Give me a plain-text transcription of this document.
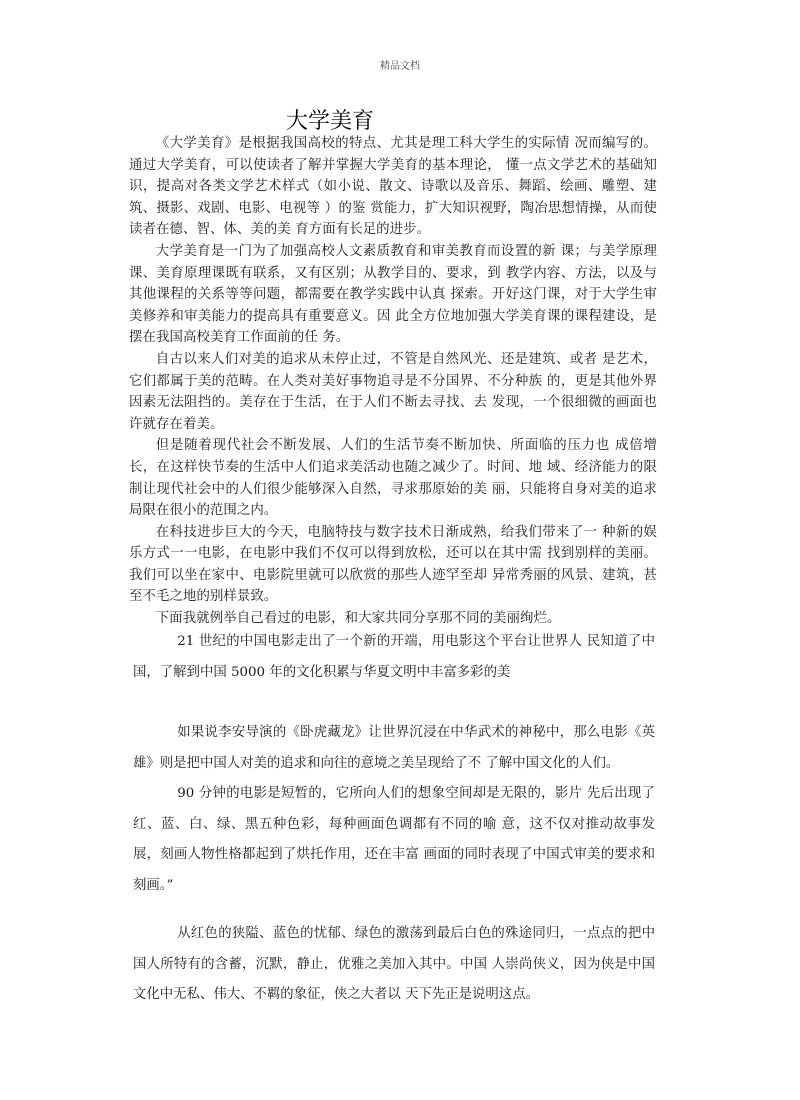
精品文档
大学美育

《大学美育》是根据我国高校的特点、尤其是理工科大学生的实际情 况而编写的。通过大学美育，可以使读者了解并掌握大学美育的基本理论， 懂一点文学艺术的基础知识，提高对各类文学艺术样式（如小说、散文、诗歌以及音乐、舞蹈、绘画、雕塑、建筑、摄影、戏剧、电影、电视等 ）的鉴 赏能力，扩大知识视野，陶冶思想情操，从而使读者在德、智、体、美的美 育方面有长足的进步。

大学美育是一门为了加强高校人文素质教育和审美教育而设置的新 课；与美学原理课、美育原理课既有联系，又有区别；从教学目的、要求，到 教学内容、方法，以及与其他课程的关系等等问题，都需要在教学实践中认真 探索。开好这门课，对于大学生审美修养和审美能力的提高具有重要意义。因 此全方位地加强大学美育课的课程建设，是摆在我国高校美育工作面前的任 务。

自古以来人们对美的追求从未停止过，不管是自然风光、还是建筑、或者 是艺术，它们都属于美的范畴。在人类对美好事物追寻是不分国界、不分种族 的，更是其他外界因素无法阻挡的。美存在于生活，在于人们不断去寻找、去 发现，一个很细微的画面也许就存在着美。

但是随着现代社会不断发展、人们的生活节奏不断加快、所面临的压力也 成倍增长，在这样快节奏的生活中人们追求美活动也随之减少了。时间、地 域、经济能力的限制让现代社会中的人们很少能够深入自然，寻求那原始的美 丽，只能将自身对美的追求局限在很小的范围之内。

在科技进步巨大的今天，电脑特技与数字技术日渐成熟，给我们带来了一 种新的娱乐方式一一电影，在电影中我们不仅可以得到放松，还可以在其中需 找到别样的美丽。我们可以坐在家中、电影院里就可以欣赏的那些人迹罕至却 异常秀丽的风景、建筑，甚至不毛之地的别样景致。

下面我就例举自己看过的电影，和大家共同分享那不同的美丽绚烂。

21 世纪的中国电影走出了一个新的开端，用电影这个平台让世界人 民知道了中国，了解到中国 5000 年的文化积累与华夏文明中丰富多彩的美

如果说李安导演的《卧虎藏龙》让世界沉浸在中华武术的神秘中，那么电影《英雄》则是把中国人对美的追求和向往的意境之美呈现给了不 了解中国文化的人们。

90 分钟的电影是短暂的，它所向人们的想象空间却是无限的，影片 先后出现了红、蓝、白、绿、黑五种色彩，每种画面色调都有不同的喻 意，这不仅对推动故事发展，刻画人物性格都起到了烘托作用，还在丰富 画面的同时表现了中国式审美的要求和刻画。”

从红色的狭隘、蓝色的忧郁、绿色的激荡到最后白色的殊途同归，一点点的把中国人所特有的含蓄，沉默，静止，优雅之美加入其中。中国 人崇尚侠义，因为侠是中国文化中无私、伟大、不羁的象征，侠之大者以 天下先正是说明这点。
